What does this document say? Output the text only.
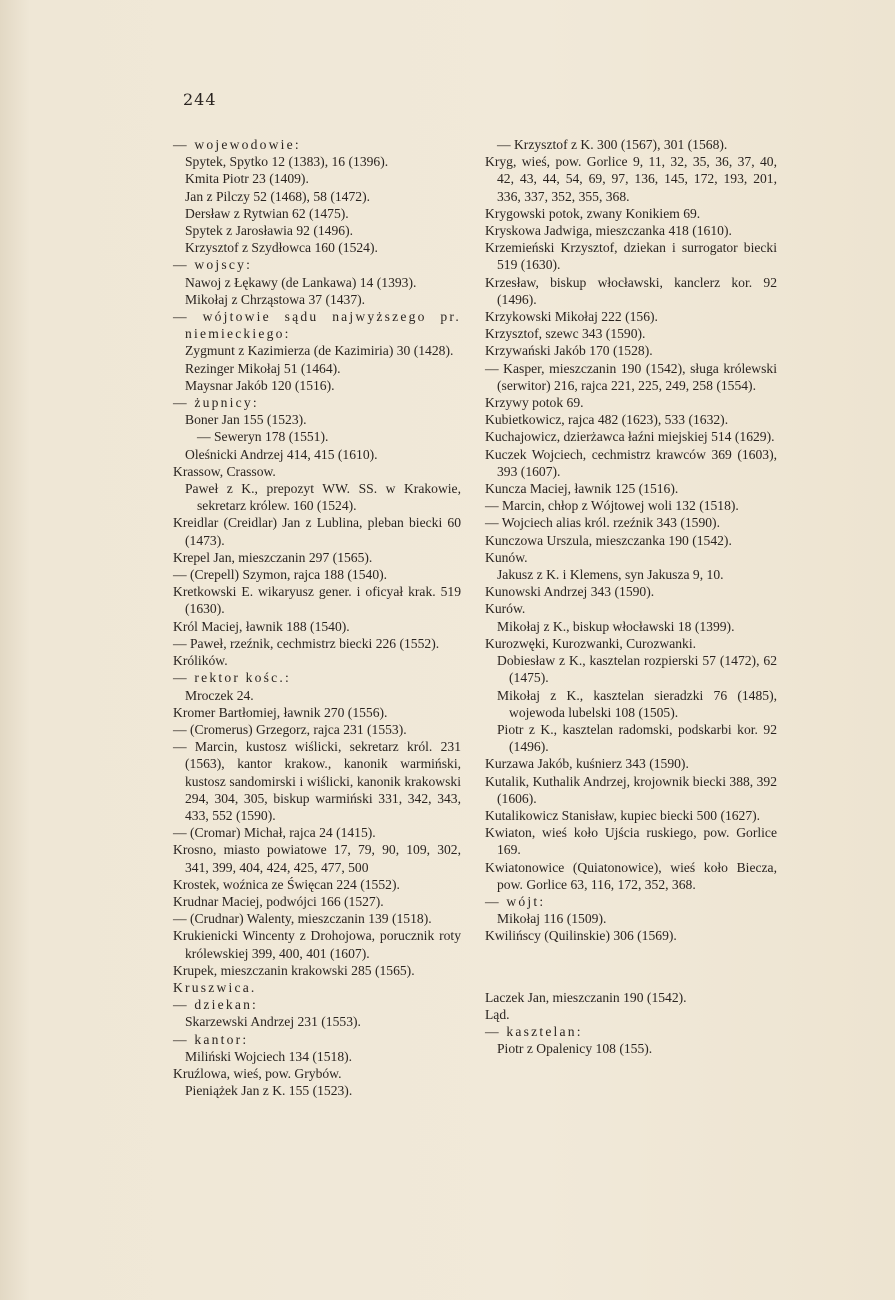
244

— wojewodowie:

Spytek, Spytko 12 (1383), 16 (1396).

Kmita Piotr 23 (1409).

Jan z Pilczy 52 (1468), 58 (1472).

Dersław z Rytwian 62 (1475).

Spytek z Jarosławia 92 (1496).

Krzysztof z Szydłowca 160 (1524).

— wojscy:

Nawoj z Łękawy (de Lankawa) 14 (1393).

Mikołaj z Chrząstowa 37 (1437).

— wójtowie sądu najwyższego pr. niemieckiego:

Zygmunt z Kazimierza (de Kazimiria) 30 (1428).

Rezinger Mikołaj 51 (1464).

Maysnar Jakób 120 (1516).

— żupnicy:

Boner Jan 155 (1523).

— Seweryn 178 (1551).

Oleśnicki Andrzej 414, 415 (1610).

Krassow, Crassow.

Paweł z K., prepozyt WW. SS. w Krakowie, sekretarz królew. 160 (1524).

Kreidlar (Creidlar) Jan z Lublina, pleban biecki 60 (1473).

Krepel Jan, mieszczanin 297 (1565).

— (Crepell) Szymon, rajca 188 (1540).

Kretkowski E. wikaryusz gener. i oficyał krak. 519 (1630).

Król Maciej, ławnik 188 (1540).

— Paweł, rzeźnik, cechmistrz biecki 226 (1552).

Królików.

— rektor kośc.:

Mroczek 24.

Kromer Bartłomiej, ławnik 270 (1556).

— (Cromerus) Grzegorz, rajca 231 (1553).

— Marcin, kustosz wiślicki, sekretarz król. 231 (1563), kantor krakow., kanonik warmiński, kustosz sandomirski i wiślicki, kanonik krakowski 294, 304, 305, biskup warmiński 331, 342, 343, 433, 552 (1590).

— (Cromar) Michał, rajca 24 (1415).

Krosno, miasto powiatowe 17, 79, 90, 109, 302, 341, 399, 404, 424, 425, 477, 500

Krostek, woźnica ze Święcan 224 (1552).

Krudnar Maciej, podwójci 166 (1527).

— (Crudnar) Walenty, mieszczanin 139 (1518).

Krukienicki Wincenty z Drohojowa, porucznik roty królewskiej 399, 400, 401 (1607).

Krupek, mieszczanin krakowski 285 (1565).

Kruszwica.

— dziekan:

Skarzewski Andrzej 231 (1553).

— kantor:

Miliński Wojciech 134 (1518).

Kruźlowa, wieś, pow. Grybów.

Pieniążek Jan z K. 155 (1523).

— Krzysztof z K. 300 (1567), 301 (1568).

Kryg, wieś, pow. Gorlice 9, 11, 32, 35, 36, 37, 40, 42, 43, 44, 54, 69, 97, 136, 145, 172, 193, 201, 336, 337, 352, 355, 368.

Krygowski potok, zwany Konikiem 69.

Kryskowa Jadwiga, mieszczanka 418 (1610).

Krzemieński Krzysztof, dziekan i surrogator biecki 519 (1630).

Krzesław, biskup włocławski, kanclerz kor. 92 (1496).

Krzykowski Mikołaj 222 (156).

Krzysztof, szewc 343 (1590).

Krzywański Jakób 170 (1528).

— Kasper, mieszczanin 190 (1542), sługa królewski (serwitor) 216, rajca 221, 225, 249, 258 (1554).

Krzywy potok 69.

Kubietkowicz, rajca 482 (1623), 533 (1632).

Kuchajowicz, dzierżawca łaźni miejskiej 514 (1629).

Kuczek Wojciech, cechmistrz krawców 369 (1603), 393 (1607).

Kuncza Maciej, ławnik 125 (1516).

— Marcin, chłop z Wójtowej woli 132 (1518).

— Wojciech alias król. rzeźnik 343 (1590).

Kunczowa Urszula, mieszczanka 190 (1542).

Kunów.

Jakusz z K. i Klemens, syn Jakusza 9, 10.

Kunowski Andrzej 343 (1590).

Kurów.

Mikołaj z K., biskup włocławski 18 (1399).

Kurozwęki, Kurozwanki, Curozwanki.

Dobiesław z K., kasztelan rozpierski 57 (1472), 62 (1475).

Mikołaj z K., kasztelan sieradzki 76 (1485), wojewoda lubelski 108 (1505).

Piotr z K., kasztelan radomski, podskarbi kor. 92 (1496).

Kurzawa Jakób, kuśnierz 343 (1590).

Kutalik, Kuthalik Andrzej, krojownik biecki 388, 392 (1606).

Kutalikowicz Stanisław, kupiec biecki 500 (1627).

Kwiaton, wieś koło Ujścia ruskiego, pow. Gorlice 169.

Kwiatonowice (Quiatonowice), wieś koło Biecza, pow. Gorlice 63, 116, 172, 352, 368.

— wójt:

Mikołaj 116 (1509).

Kwilińscy (Quilinskie) 306 (1569).

Laczek Jan, mieszczanin 190 (1542).

Ląd.

— kasztelan:

Piotr z Opalenicy 108 (155).
